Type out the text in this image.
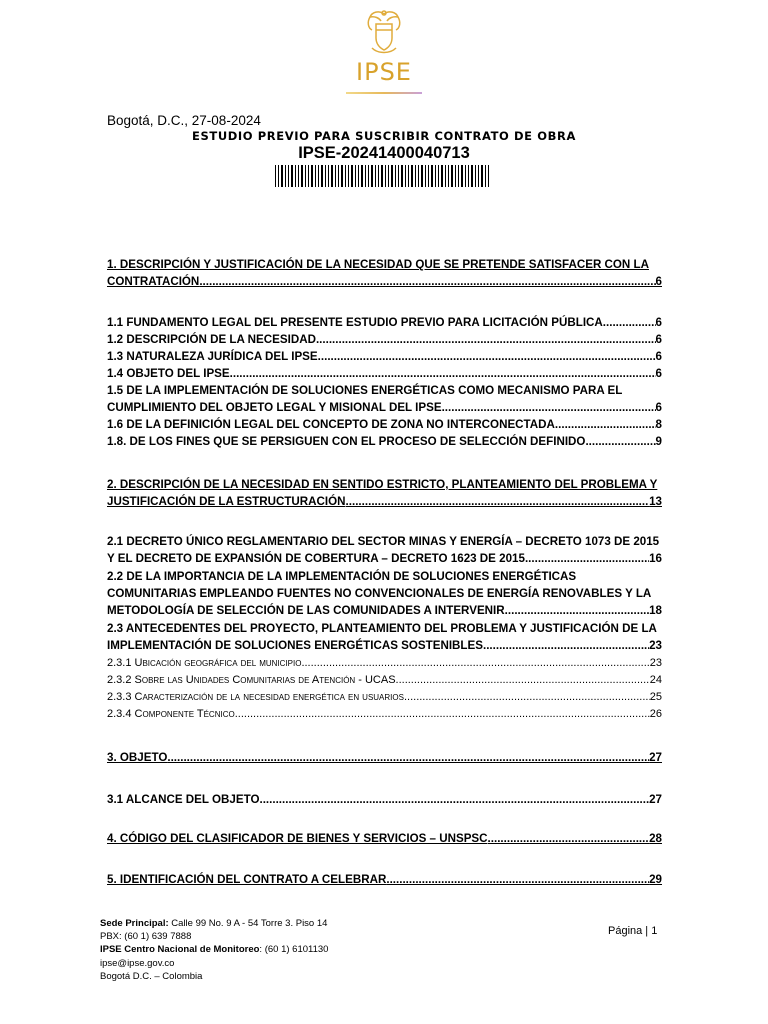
IPSE
Bogotá, D.C., 27-08-2024
ESTUDIO PREVIO PARA SUSCRIBIR CONTRATO DE OBRA
IPSE-20241400040713
1. DESCRIPCIÓN Y JUSTIFICACIÓN DE LA NECESIDAD QUE SE PRETENDE SATISFACER CON LA
CONTRATACIÓN .....	6
1.1 FUNDAMENTO LEGAL DEL PRESENTE ESTUDIO PREVIO PARA LICITACIÓN PÚBLICA .....	6
1.2 DESCRIPCIÓN DE LA NECESIDAD .....	6
1.3 NATURALEZA JURÍDICA DEL IPSE .....	6
1.4 OBJETO DEL IPSE .....	6
1.5 DE LA IMPLEMENTACIÓN DE SOLUCIONES ENERGÉTICAS COMO MECANISMO PARA EL
CUMPLIMIENTO DEL OBJETO LEGAL Y MISIONAL DEL IPSE .....	6
1.6 DE LA DEFINICIÓN LEGAL DEL CONCEPTO DE ZONA NO INTERCONECTADA .....	8
1.8. DE LOS FINES QUE SE PERSIGUEN CON EL PROCESO DE SELECCIÓN DEFINIDO .....	9
2. DESCRIPCIÓN DE LA NECESIDAD EN SENTIDO ESTRICTO, PLANTEAMIENTO DEL PROBLEMA Y
JUSTIFICACIÓN DE LA ESTRUCTURACIÓN .....	13
2.1 DECRETO ÚNICO REGLAMENTARIO DEL SECTOR MINAS Y ENERGÍA – DECRETO 1073 DE 2015
Y EL DECRETO DE EXPANSIÓN DE COBERTURA – DECRETO 1623 DE 2015 .....	16
2.2 DE LA IMPORTANCIA DE LA IMPLEMENTACIÓN DE SOLUCIONES ENERGÉTICAS
COMUNITARIAS EMPLEANDO FUENTES NO CONVENCIONALES DE ENERGÍA RENOVABLES Y LA
METODOLOGÍA DE SELECCIÓN DE LAS COMUNIDADES A INTERVENIR .....	18
2.3 ANTECEDENTES DEL PROYECTO, PLANTEAMIENTO DEL PROBLEMA Y JUSTIFICACIÓN DE LA
IMPLEMENTACIÓN DE SOLUCIONES ENERGÉTICAS SOSTENIBLES .....	23
2.3.1 Ubicación geográfica del municipio .....	23
2.3.2 Sobre las Unidades Comunitarias de Atención - UCAS .....	24
2.3.3 Caracterización de la necesidad energética en usuarios .....	25
2.3.4 Componente Técnico .....	26
3. OBJETO .....	27
3.1 ALCANCE DEL OBJETO .....	27
4. CÓDIGO DEL CLASIFICADOR DE BIENES Y SERVICIOS – UNSPSC .....	28
5. IDENTIFICACIÓN DEL CONTRATO A CELEBRAR .....	29
Sede Principal: Calle 99 No. 9 A - 54 Torre 3. Piso 14
PBX: (60 1) 639 7888
IPSE Centro Nacional de Monitoreo: (60 1) 6101130
ipse@ipse.gov.co
Bogotá D.C. – Colombia
Página | 1
